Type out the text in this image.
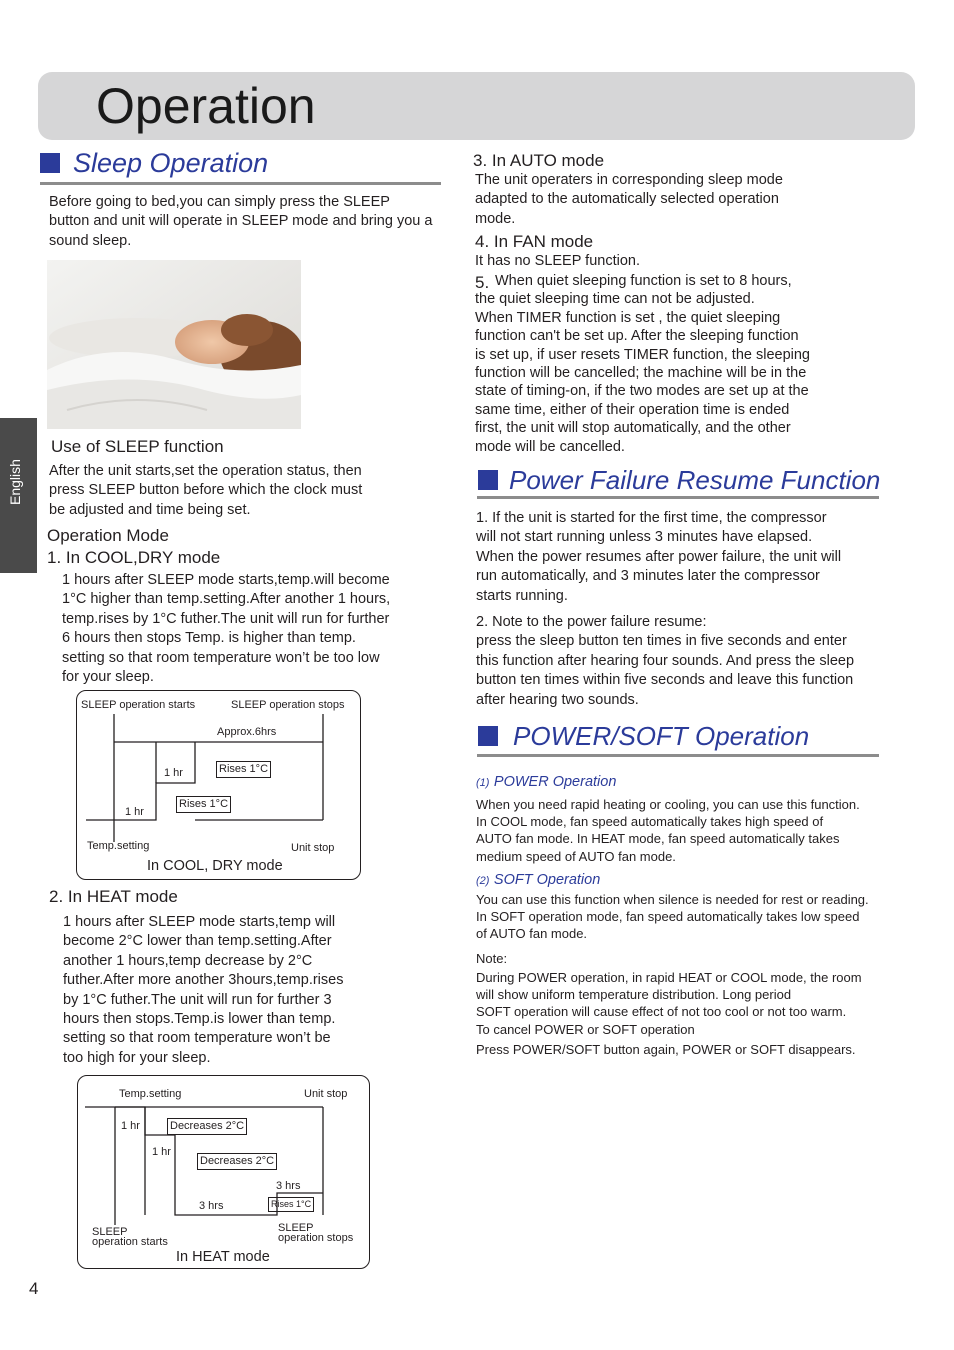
Operation
English
Sleep Operation
Before going to bed,you can simply press the SLEEP button and unit will operate in SLEEP mode and bring you a sound sleep.
Use of SLEEP function
After the unit starts,set the operation status, then press SLEEP button before which the clock must be adjusted and time being set.
Operation Mode
1. In COOL,DRY mode
1 hours after SLEEP mode starts,temp.will become
1°C higher than temp.setting.After another 1 hours,
temp.rises by 1°C futher.The unit will run for further
6 hours then stops Temp. is higher than temp.
setting so that room temperature won’t be too low
for your sleep.
SLEEP operation starts	SLEEP operation stops
Approx.6hrs
1 hr	Rises 1°C
1 hr
Rises 1°C
Temp.setting	Unit stop
In COOL, DRY mode
2. In HEAT mode
1 hours after SLEEP mode starts,temp will
become 2°C lower than temp.setting.After
another 1 hours,temp decrease by 2°C
futher.After more another 3hours,temp.rises
by 1°C futher.The unit will run for further 3
hours then stops.Temp.is lower than temp.
setting so that room temperature won’t be
too high for your sleep.
Temp.setting	Unit stop
1 hr	Decreases 2°C
1 hr
Decreases 2°C
3 hrs
Rises 1°C
3 hrs
SLEEP
operation starts
SLEEP
operation stops
In HEAT mode
4
3. In AUTO mode
The unit operaters in corresponding sleep mode
adapted to the automatically selected operation
mode.
4. In FAN mode
It has no SLEEP function.
5. When quiet sleeping function is set to 8 hours,
the quiet sleeping time can not be adjusted.
When TIMER function is set , the quiet sleeping
function can't be set up. After the sleeping function
is set up, if user resets TIMER function, the sleeping
function will be cancelled; the machine will be in the
state of timing-on, if the two modes are set up at the
same time, either of their operation time is ended
first, the unit will stop automatically, and the other
mode will be cancelled.
Power Failure Resume Function
1. If the unit is started for the first time, the compressor
will not start running unless 3 minutes have elapsed.
When the power resumes after power failure, the unit will
run automatically, and 3 minutes later the compressor
starts running.
2. Note to the power failure resume:
press the sleep button ten times in five seconds and enter
this function after hearing four sounds. And press the sleep
button ten times within five seconds and leave this function
after hearing two sounds.
POWER/SOFT Operation
(1) POWER Operation
When you need rapid heating or cooling, you can use this function.
In COOL mode, fan speed automatically takes high speed of
AUTO fan mode. In HEAT mode, fan speed automatically takes
medium speed of AUTO fan mode.
(2) SOFT Operation
You can use this function when silence is needed for rest or reading.
In SOFT operation mode, fan speed automatically takes low speed
of AUTO fan mode.
Note:
During POWER operation, in rapid HEAT or COOL mode, the room
will show uniform temperature distribution. Long period
SOFT operation will cause effect of not too cool or not too warm.
To cancel POWER or SOFT operation
Press POWER/SOFT button again, POWER or SOFT disappears.
